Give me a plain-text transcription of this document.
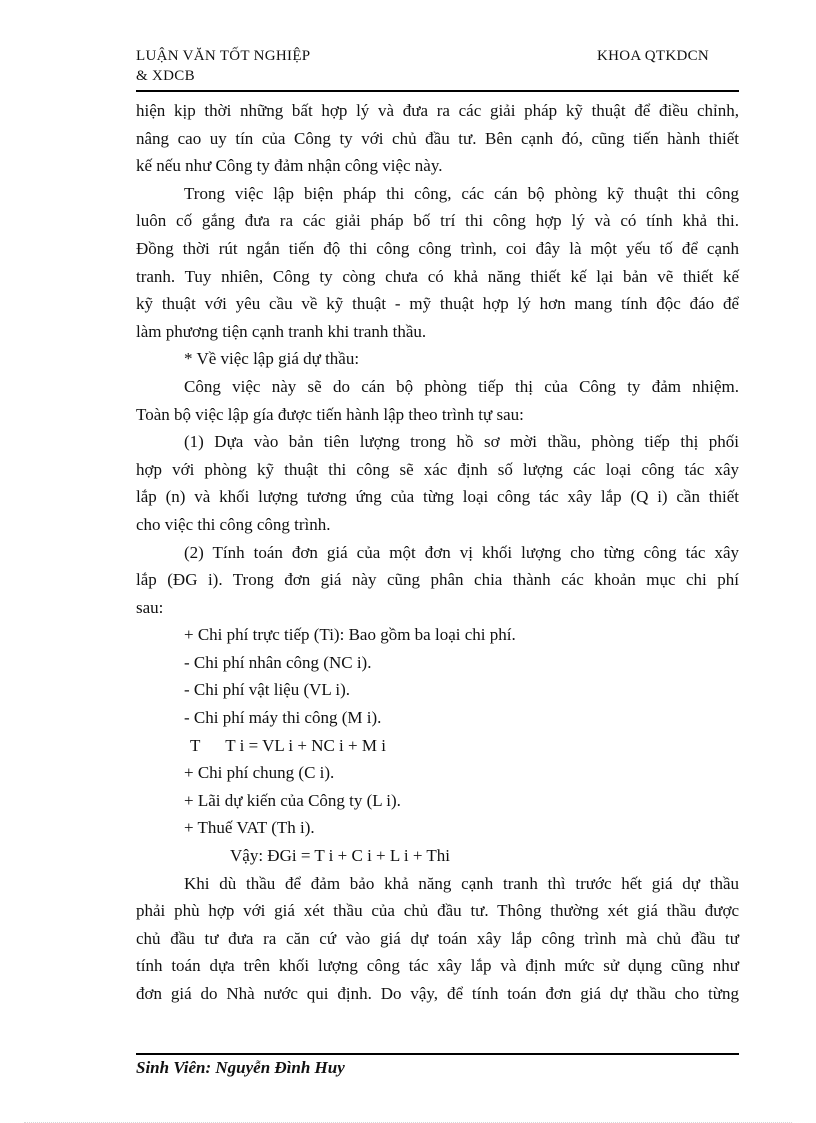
LUẬN VĂN TỐT NGHIỆP
& XDCB
KHOA QTKDCN
hiện kịp thời những bất hợp lý và đưa ra các giải pháp kỹ thuật để điều chỉnh,
nâng cao uy tín của Công ty với chủ đầu tư. Bên cạnh đó, cũng tiến hành thiết
kế nếu như Công ty đảm nhận công việc này.
Trong việc lập biện pháp thi công, các cán bộ phòng kỹ thuật thi công
luôn cố gắng đưa ra các giải pháp bố trí thi công hợp lý và có tính khả thi.
Đồng thời rút ngắn tiến độ thi công công trình, coi đây là một yếu tố để cạnh
tranh. Tuy nhiên, Công ty còng chưa có khả năng thiết kế lại bản vẽ thiết kế
kỹ thuật với yêu cầu về kỹ thuật - mỹ thuật hợp lý hơn mang tính độc đáo để
làm phương tiện cạnh tranh khi tranh thầu.
* Về việc lập giá dự thầu:
Công việc này sẽ do cán bộ phòng tiếp thị của Công ty đảm nhiệm.
Toàn bộ việc lập gía được tiến hành lập theo trình tự sau:
(1) Dựa vào bản tiên lượng trong hồ sơ mời thầu, phòng tiếp thị phối
hợp với phòng kỹ thuật thi công sẽ xác định số lượng các loại công tác xây
lắp (n) và khối lượng tương ứng của từng loại công tác xây lắp (Q i) cần thiết
cho việc thi công công trình.
(2) Tính toán đơn giá của một đơn vị khối lượng cho từng công tác xây
lắp (ĐG i). Trong đơn giá này cũng phân chia thành các khoản mục chi phí
sau:
+ Chi phí trực tiếp (Ti): Bao gồm ba loại chi phí.
- Chi phí nhân công (NC i).
- Chi phí vật liệu (VL i).
- Chi phí máy thi công (M i).
T      T i = VL i + NC i + M i
+ Chi phí chung (C i).
+ Lãi dự kiến của Công ty (L i).
+ Thuế VAT (Th i).
Vậy: ĐGi = T i + C i + L i + Thi
Khi dù thầu để đảm bảo khả năng cạnh tranh thì trước hết giá dự thầu
phải phù hợp với giá xét thầu của chủ đầu tư. Thông thường xét giá thầu được
chủ đầu tư đưa ra căn cứ vào giá dự toán xây lắp công trình mà chủ đầu tư
tính toán dựa trên khối lượng công tác xây lắp và định mức sử dụng cũng như
đơn giá do Nhà nước qui định. Do vậy, để tính toán đơn giá dự thầu cho từng
Sinh Viên: Nguyễn Đình Huy
